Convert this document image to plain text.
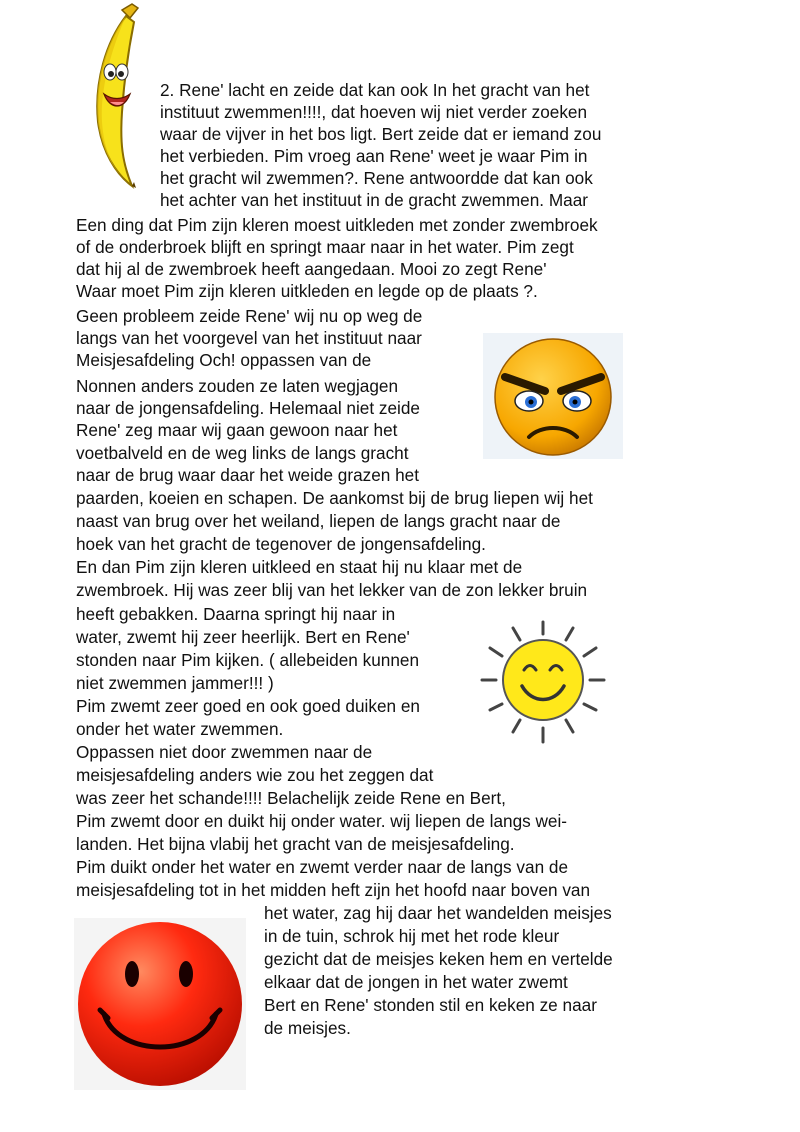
2. Rene' lacht en zeide dat kan ook In het gracht van het
instituut zwemmen!!!!, dat hoeven wij niet verder zoeken
waar de vijver in het bos ligt. Bert zeide dat er iemand zou
het verbieden. Pim vroeg aan Rene' weet je waar Pim in
het gracht wil zwemmen?. Rene antwoordde dat kan ook
het achter van het instituut in de gracht zwemmen. Maar
Een ding dat Pim zijn kleren moest uitkleden met zonder zwembroek
of de onderbroek blijft en springt maar naar in het water. Pim zegt
dat hij al de zwembroek heeft aangedaan. Mooi zo zegt Rene'
Waar moet Pim zijn kleren uitkleden en legde op de plaats ?.
Geen probleem zeide Rene' wij nu op weg de
langs van het voorgevel van het instituut naar
Meisjesafdeling Och! oppassen van de
Nonnen anders zouden ze laten wegjagen
naar de jongensafdeling. Helemaal niet zeide
Rene' zeg maar wij gaan gewoon naar het
voetbalveld en de weg links de langs gracht
naar de brug waar daar het weide grazen het
paarden, koeien en schapen. De aankomst bij de brug liepen wij het
naast van brug over het weiland, liepen de langs gracht naar de
hoek van het gracht de tegenover de jongensafdeling.
En dan Pim zijn kleren uitkleed en staat hij nu klaar met de
zwembroek. Hij was zeer blij van het lekker van de zon lekker bruin
heeft gebakken. Daarna springt hij naar in
water, zwemt hij zeer heerlijk. Bert en Rene'
stonden naar Pim kijken. ( allebeiden kunnen
niet zwemmen jammer!!! )
Pim zwemt zeer goed en ook goed duiken en
onder het water zwemmen.
Oppassen niet door zwemmen naar de
meisjesafdeling anders wie zou het zeggen dat
was zeer het schande!!!! Belachelijk zeide Rene en Bert,
Pim zwemt door en duikt hij onder water. wij liepen de langs wei-
landen. Het bijna vlabij het gracht van de meisjesafdeling.
Pim duikt onder het water en zwemt verder naar de langs van de
meisjesafdeling tot in het midden heft zijn het hoofd naar boven van
het water, zag hij daar het wandelden meisjes
in de tuin, schrok hij met het rode kleur
gezicht dat de meisjes keken hem en vertelde
elkaar dat de jongen in het water zwemt
Bert en Rene' stonden stil en keken ze naar
de meisjes.
